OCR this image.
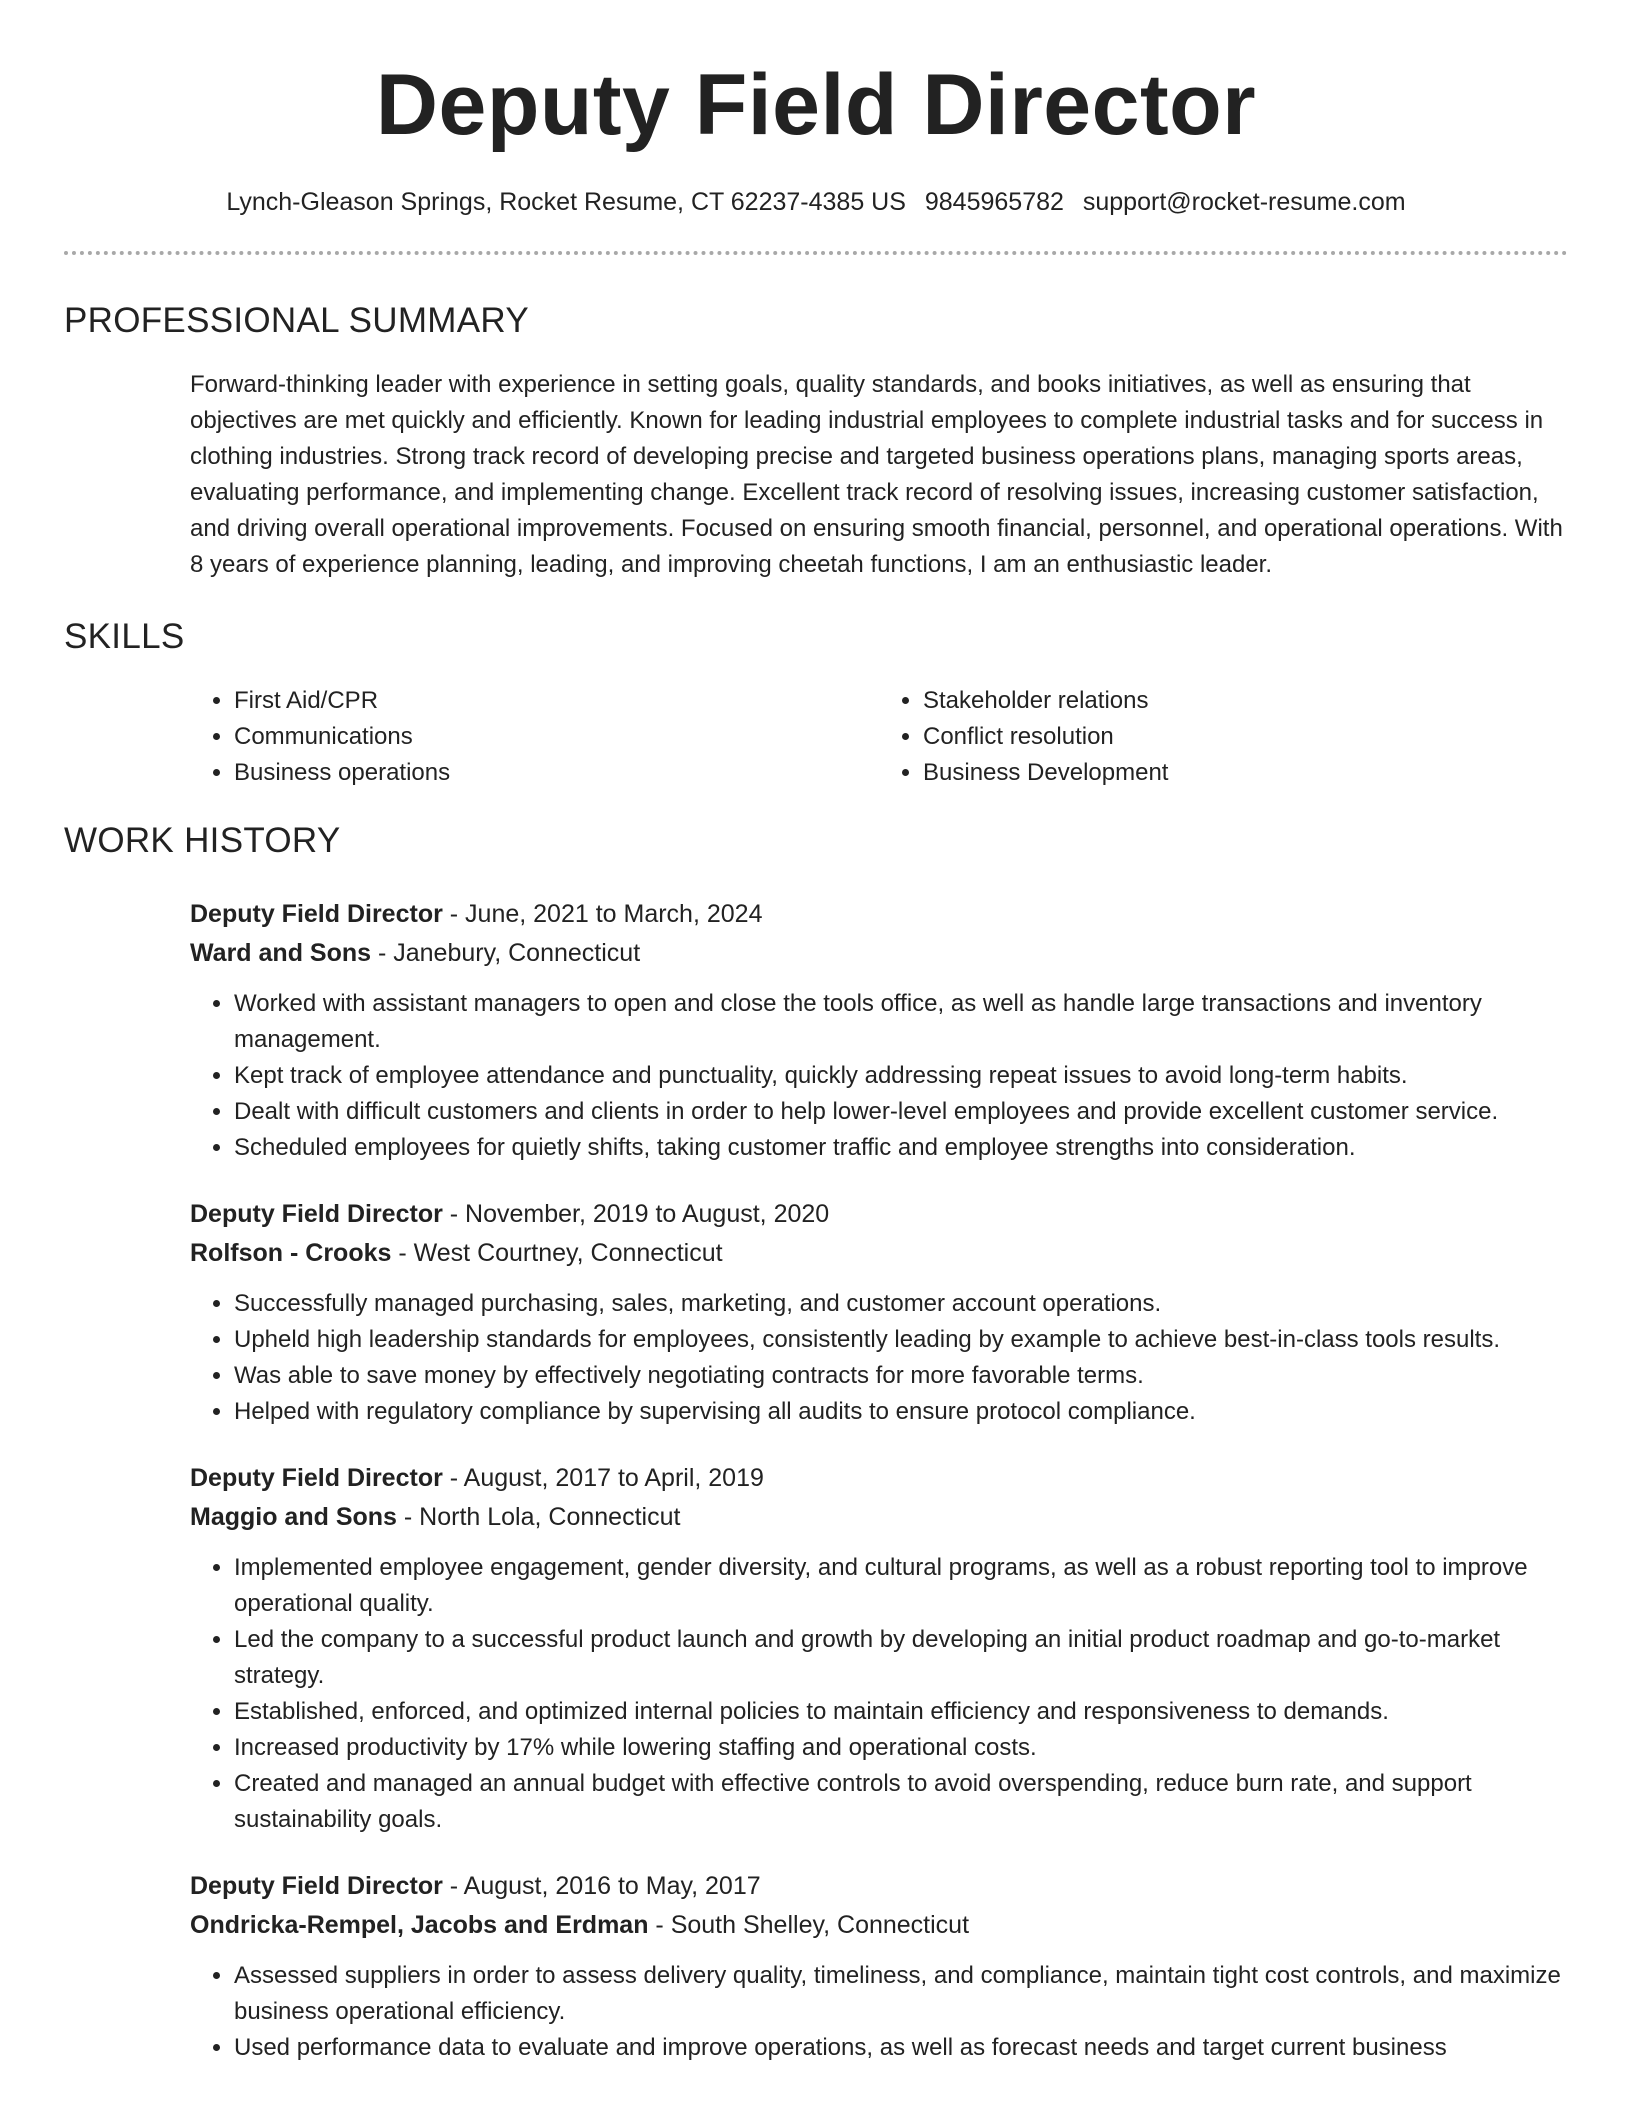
Deputy Field Director
Lynch-Gleason Springs, Rocket Resume, CT 62237-4385 US 9845965782 support@rocket-resume.com
PROFESSIONAL SUMMARY

Forward-thinking leader with experience in setting goals, quality standards, and books initiatives, as well as ensuring that objectives are met quickly and efficiently. Known for leading industrial employees to complete industrial tasks and for success in clothing industries. Strong track record of developing precise and targeted business operations plans, managing sports areas, evaluating performance, and implementing change. Excellent track record of resolving issues, increasing customer satisfaction, and driving overall operational improvements. Focused on ensuring smooth financial, personnel, and operational operations. With 8 years of experience planning, leading, and improving cheetah functions, I am an enthusiastic leader.

SKILLS
• First Aid/CPR
• Communications
• Business operations
• Stakeholder relations
• Conflict resolution
• Business Development
WORK HISTORY
Deputy Field Director - June, 2021 to March, 2024
Ward and Sons - Janebury, Connecticut
• Worked with assistant managers to open and close the tools office, as well as handle large transactions and inventory management.
• Kept track of employee attendance and punctuality, quickly addressing repeat issues to avoid long-term habits.
• Dealt with difficult customers and clients in order to help lower-level employees and provide excellent customer service.
• Scheduled employees for quietly shifts, taking customer traffic and employee strengths into consideration.
Deputy Field Director - November, 2019 to August, 2020
Rolfson - Crooks - West Courtney, Connecticut
• Successfully managed purchasing, sales, marketing, and customer account operations.
• Upheld high leadership standards for employees, consistently leading by example to achieve best-in-class tools results.
• Was able to save money by effectively negotiating contracts for more favorable terms.
• Helped with regulatory compliance by supervising all audits to ensure protocol compliance.
Deputy Field Director - August, 2017 to April, 2019
Maggio and Sons - North Lola, Connecticut
• Implemented employee engagement, gender diversity, and cultural programs, as well as a robust reporting tool to improve operational quality.
• Led the company to a successful product launch and growth by developing an initial product roadmap and go-to-market strategy.
• Established, enforced, and optimized internal policies to maintain efficiency and responsiveness to demands.
• Increased productivity by 17% while lowering staffing and operational costs.
• Created and managed an annual budget with effective controls to avoid overspending, reduce burn rate, and support sustainability goals.
Deputy Field Director - August, 2016 to May, 2017
Ondricka-Rempel, Jacobs and Erdman - South Shelley, Connecticut
• Assessed suppliers in order to assess delivery quality, timeliness, and compliance, maintain tight cost controls, and maximize business operational efficiency.
• Used performance data to evaluate and improve operations, as well as forecast needs and target current business
